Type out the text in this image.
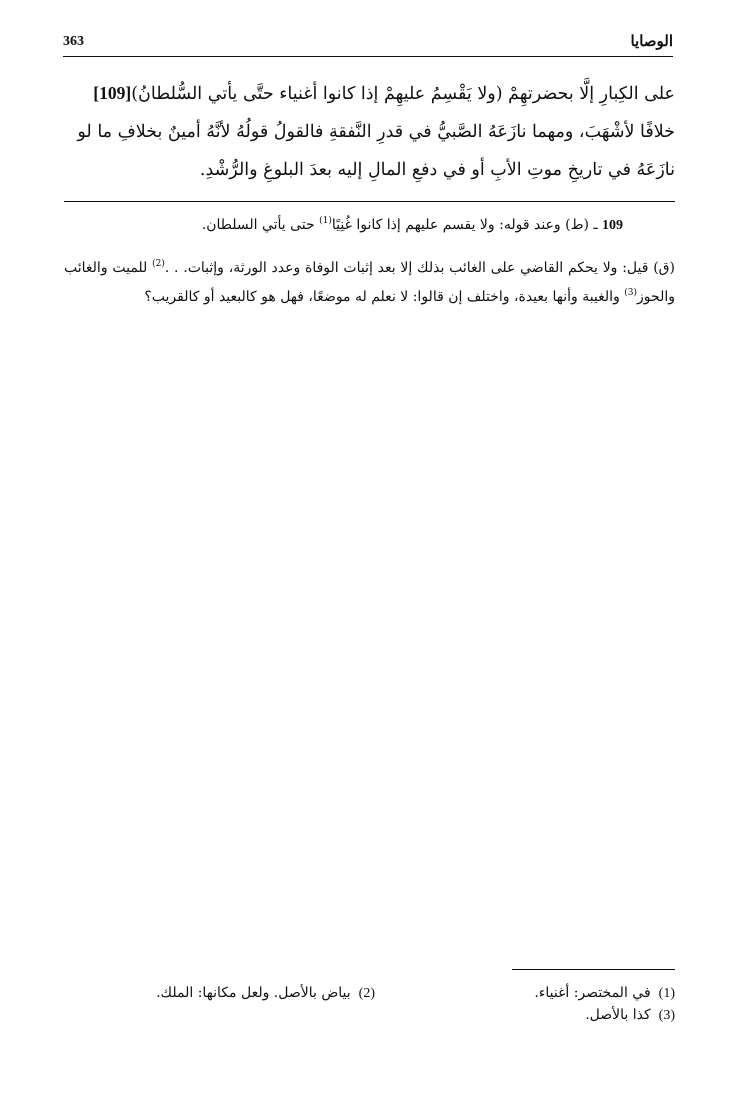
363	الوصايا

على الكِبارِ إلَّا بحضرتهِمْ (ولا يَقْسِمُ عليهِمْ إذا كانوا أغنياء حتَّى يأتي السُّلطانُ)[109]

خلافًا لأشْهَبَ، ومهما نازَعَهُ الصَّبيُّ في قدرِ النَّفقةِ فالقولُ قولُهُ لأنَّهُ أمينٌ بخلافِ ما لو

نازَعَهُ في تاريخِ موتِ الأبِ أو في دفعِ المالِ إليه بعدَ البلوغِ والرُّشْدِ.

109 ـ (ط) وعند قوله: ولا يقسم عليهم إذا كانوا غُنِيًا$^{(1)}$ حتى يأتي السلطان.

(ق) قيل: ولا يحكم القاضي على الغائب بذلك إلا بعد إثبات الوفاة وعدد الورثة، وإثبات. . .$^{(2)}$ للميت والغائب والحوز$^{(3)}$ والغيبة وأنها بعيدة، واختلف إن قالوا: لا نعلم له موضعًا، فهل هو كالبعيد أو كالقريب؟

(1)في المختصر: أغنياء.
(2)بياض بالأصل. ولعل مكانها: الملك.
(3)كذا بالأصل.
